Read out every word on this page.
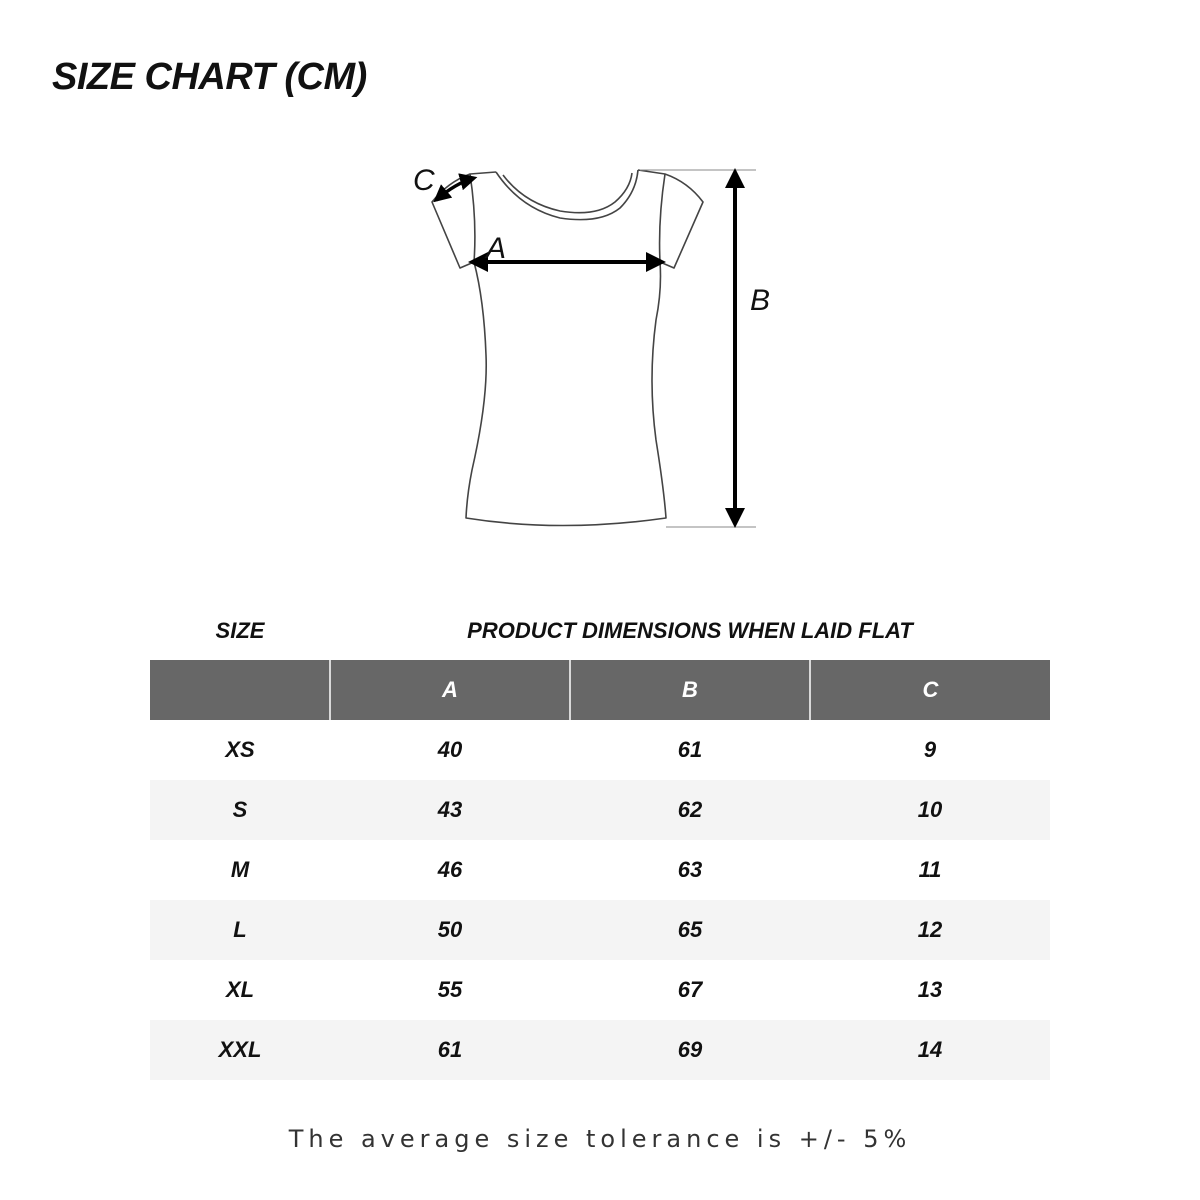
SIZE CHART (CM)
A
B
C
SIZE	PRODUCT DIMENSIONS WHEN LAID FLAT
	A	B	C
XS	40	61	9
S	43	62	10
M	46	63	11
L	50	65	12
XL	55	67	13
XXL	61	69	14
The average size tolerance is +/- 5%
